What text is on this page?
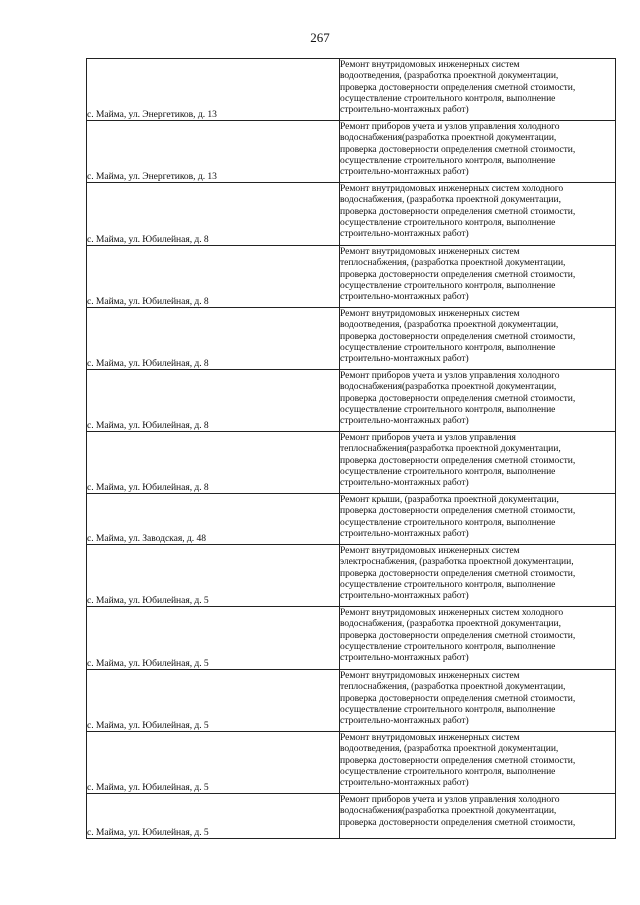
267
с. Майма, ул. Энергетиков, д. 13	Ремонт внутридомовых инженерных систем
водоотведения, (разработка проектной документации,
проверка достоверности определения сметной стоимости,
осуществление строительного контроля, выполнение
строительно-монтажных работ)

с. Майма, ул. Энергетиков, д. 13	Ремонт приборов учета и узлов управления холодного
водоснабжения(разработка проектной документации,
проверка достоверности определения сметной стоимости,
осуществление строительного контроля, выполнение
строительно-монтажных работ)

с. Майма, ул. Юбилейная, д. 8	Ремонт внутридомовых инженерных систем холодного
водоснабжения, (разработка проектной документации,
проверка достоверности определения сметной стоимости,
осуществление строительного контроля, выполнение
строительно-монтажных работ)

с. Майма, ул. Юбилейная, д. 8	Ремонт внутридомовых инженерных систем
теплоснабжения, (разработка проектной документации,
проверка достоверности определения сметной стоимости,
осуществление строительного контроля, выполнение
строительно-монтажных работ)

с. Майма, ул. Юбилейная, д. 8	Ремонт внутридомовых инженерных систем
водоотведения, (разработка проектной документации,
проверка достоверности определения сметной стоимости,
осуществление строительного контроля, выполнение
строительно-монтажных работ)

с. Майма, ул. Юбилейная, д. 8	Ремонт приборов учета и узлов управления холодного
водоснабжения(разработка проектной документации,
проверка достоверности определения сметной стоимости,
осуществление строительного контроля, выполнение
строительно-монтажных работ)

с. Майма, ул. Юбилейная, д. 8	Ремонт приборов учета и узлов управления
теплоснабжения(разработка проектной документации,
проверка достоверности определения сметной стоимости,
осуществление строительного контроля, выполнение
строительно-монтажных работ)

с. Майма, ул. Заводская, д. 48	Ремонт крыши, (разработка проектной документации,
проверка достоверности определения сметной стоимости,
осуществление строительного контроля, выполнение
строительно-монтажных работ)

с. Майма, ул. Юбилейная, д. 5	Ремонт внутридомовых инженерных систем
электроснабжения, (разработка проектной документации,
проверка достоверности определения сметной стоимости,
осуществление строительного контроля, выполнение
строительно-монтажных работ)

с. Майма, ул. Юбилейная, д. 5	Ремонт внутридомовых инженерных систем холодного
водоснабжения, (разработка проектной документации,
проверка достоверности определения сметной стоимости,
осуществление строительного контроля, выполнение
строительно-монтажных работ)

с. Майма, ул. Юбилейная, д. 5	Ремонт внутридомовых инженерных систем
теплоснабжения, (разработка проектной документации,
проверка достоверности определения сметной стоимости,
осуществление строительного контроля, выполнение
строительно-монтажных работ)

с. Майма, ул. Юбилейная, д. 5	Ремонт внутридомовых инженерных систем
водоотведения, (разработка проектной документации,
проверка достоверности определения сметной стоимости,
осуществление строительного контроля, выполнение
строительно-монтажных работ)

с. Майма, ул. Юбилейная, д. 5	Ремонт приборов учета и узлов управления холодного
водоснабжения(разработка проектной документации,
проверка достоверности определения сметной стоимости,
